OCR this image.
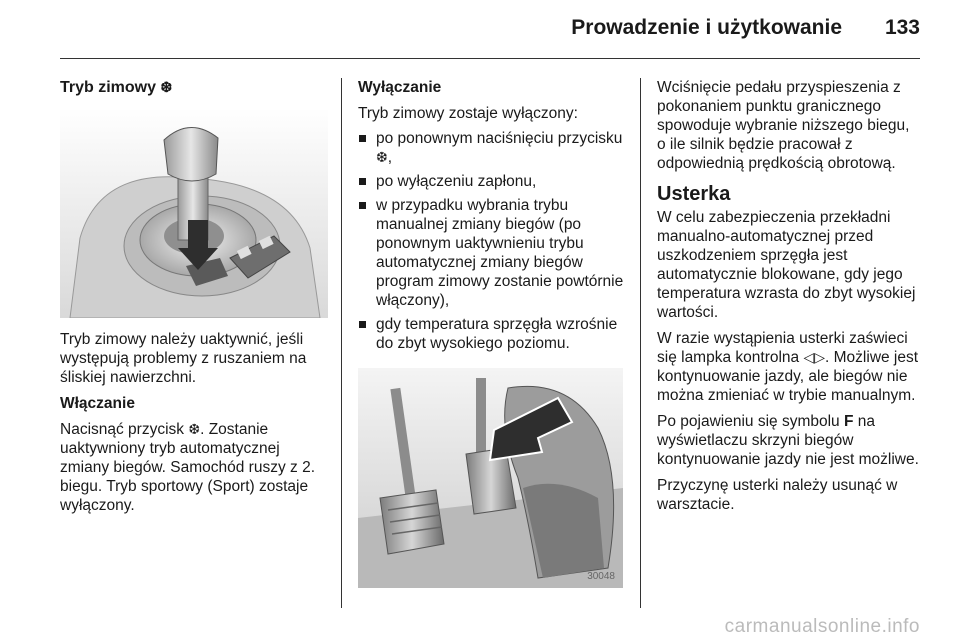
Prowadzenie i użytkowanie 133
Tryb zimowy ❆

Tryb zimowy należy uaktywnić, jeśli występują problemy z ruszaniem na śliskiej nawierzchni.

Włączanie

Nacisnąć przycisk ❆. Zostanie uaktywniony tryb automatycznej zmiany biegów. Samochód ruszy z 2. biegu. Tryb sportowy (Sport) zostaje wyłączony.

Wyłączanie

Tryb zimowy zostaje wyłączony:

po ponownym naciśnięciu przycisku ❆,
po wyłączeniu zapłonu,
w przypadku wybrania trybu manualnej zmiany biegów (po ponownym uaktywnieniu trybu automatycznej zmiany biegów program zimowy zostanie powtórnie włączony),
gdy temperatura sprzęgła wzrośnie do zbyt wysokiego poziomu.
30048

Wciśnięcie pedału przyspieszenia z pokonaniem punktu granicznego spowoduje wybranie niższego biegu, o ile silnik będzie pracował z odpowiednią prędkością obrotową.

Usterka

W celu zabezpieczenia przekładni manualno-automatycznej przed uszkodzeniem sprzęgła jest automatycznie blokowane, gdy jego temperatura wzrasta do zbyt wysokiej wartości.

W razie wystąpienia usterki zaświeci się lampka kontrolna ◁▷. Możliwe jest kontynuowanie jazdy, ale biegów nie można zmieniać w trybie manualnym.

Po pojawieniu się symbolu F na wyświetlaczu skrzyni biegów kontynuowanie jazdy nie jest możliwe.

Przyczynę usterki należy usunąć w warsztacie.

carmanualsonline.info
